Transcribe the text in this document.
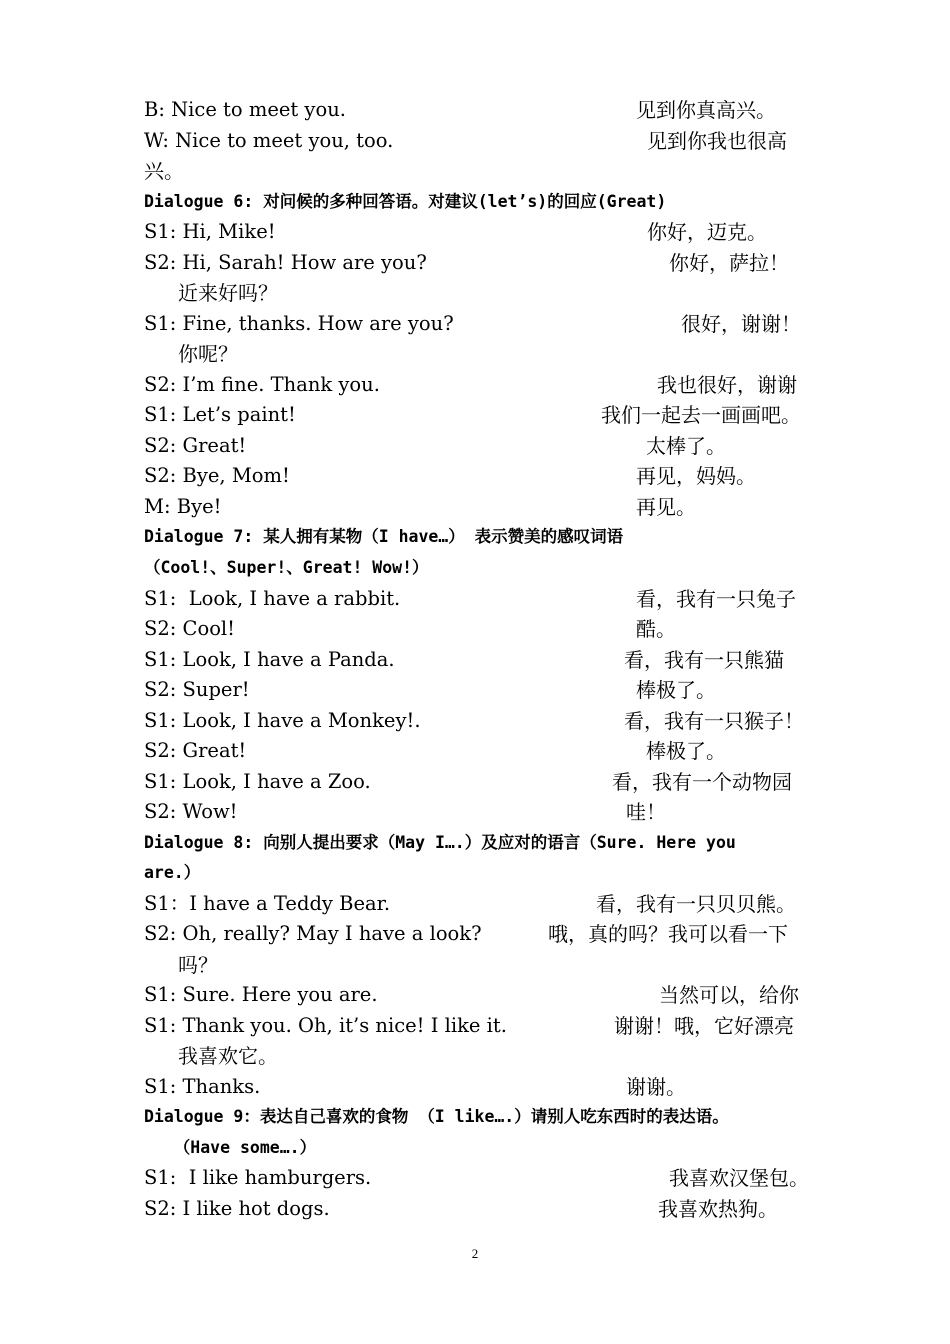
B: Nice to meet you.	见到你真高兴。
W: Nice to meet you, too.	见到你我也很高
兴。
Dialogue 6: 对问候的多种回答语。对建议(let’s)的回应(Great)
S1: Hi, Mike!	你好，迈克。
S2: Hi, Sarah! How are you?	你好，萨拉！
近来好吗？
S1: Fine, thanks. How are you?	很好，谢谢！
你呢？
S2: I’m fine. Thank you.	我也很好，谢谢
S1: Let’s paint!	我们一起去一画画吧。
S2: Great!	太棒了。
S2: Bye, Mom!	再见，妈妈。
M: Bye!	再见。
Dialogue 7: 某人拥有某物（I have…） 表示赞美的感叹词语
（Cool!、Super!、Great! Wow!）
S1:  Look, I have a rabbit.	看，我有一只兔子
S2: Cool!	酷。
S1: Look, I have a Panda.	看，我有一只熊猫
S2: Super!	棒极了。
S1: Look, I have a Monkey!.	看，我有一只猴子！
S2: Great!	棒极了。
S1: Look, I have a Zoo.	看，我有一个动物园
S2: Wow!	哇！
Dialogue 8: 向别人提出要求（May I….）及应对的语言（Sure. Here you
are.）
S1：I have a Teddy Bear.	看，我有一只贝贝熊。
S2: Oh, really? May I have a look?	哦，真的吗？我可以看一下
吗？
S1: Sure. Here you are.	当然可以，给你
S1: Thank you. Oh, it’s nice! I like it.	谢谢！哦，它好漂亮
我喜欢它。
S1: Thanks.	谢谢。
Dialogue 9：表达自己喜欢的食物 （I like….）请别人吃东西时的表达语。
（Have some….）
S1:  I like hamburgers.	我喜欢汉堡包。
S2: I like hot dogs.	我喜欢热狗。
2
